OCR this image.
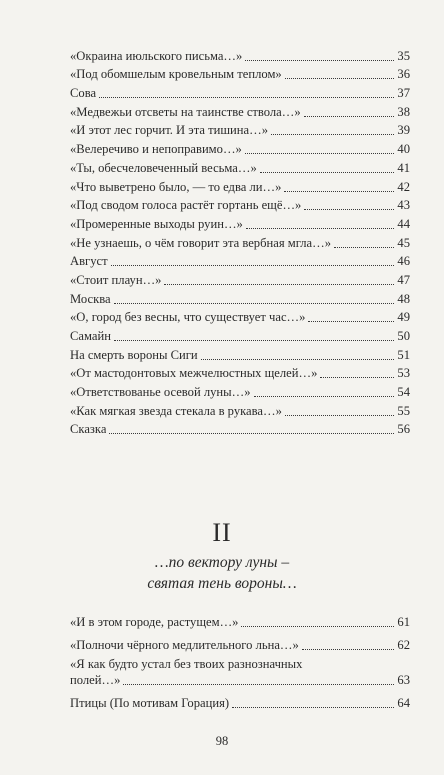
«Окраина июльского письма…»	35
«Под обомшелым кровельным теплом»	36
Сова	37
«Медвежьи отсветы на таинстве ствола…»	38
«И этот лес горчит. И эта тишина…»	39
«Велеречиво и непоправимо…»	40
«Ты, обесчеловеченный весьма…»	41
«Что выветрено было, — то едва ли…»	42
«Под сводом голоса растёт гортань ещё…»	43
«Промеренные выходы руин…»	44
«Не узнаешь, о чём говорит эта вербная мгла…»	45
Август	46
«Стоит плаун…»	47
Москва	48
«О, город без весны, что существует час…»	49
Самайн	50
На смерть вороны Сиги	51
«От мастодонтовых межчелюстных щелей…»	53
«Ответствованье осевой луны…»	54
«Как мягкая звезда стекала в рукава…»	55
Сказка	56
II
…по вектору луны –
святая тень вороны…
«И в этом городе, растущем…»	61
«Полночи чёрного медлительного льна…»	62
«Я как будто устал без твоих разнозначных
полей…»	63
Птицы (По мотивам Горация)	64
98
